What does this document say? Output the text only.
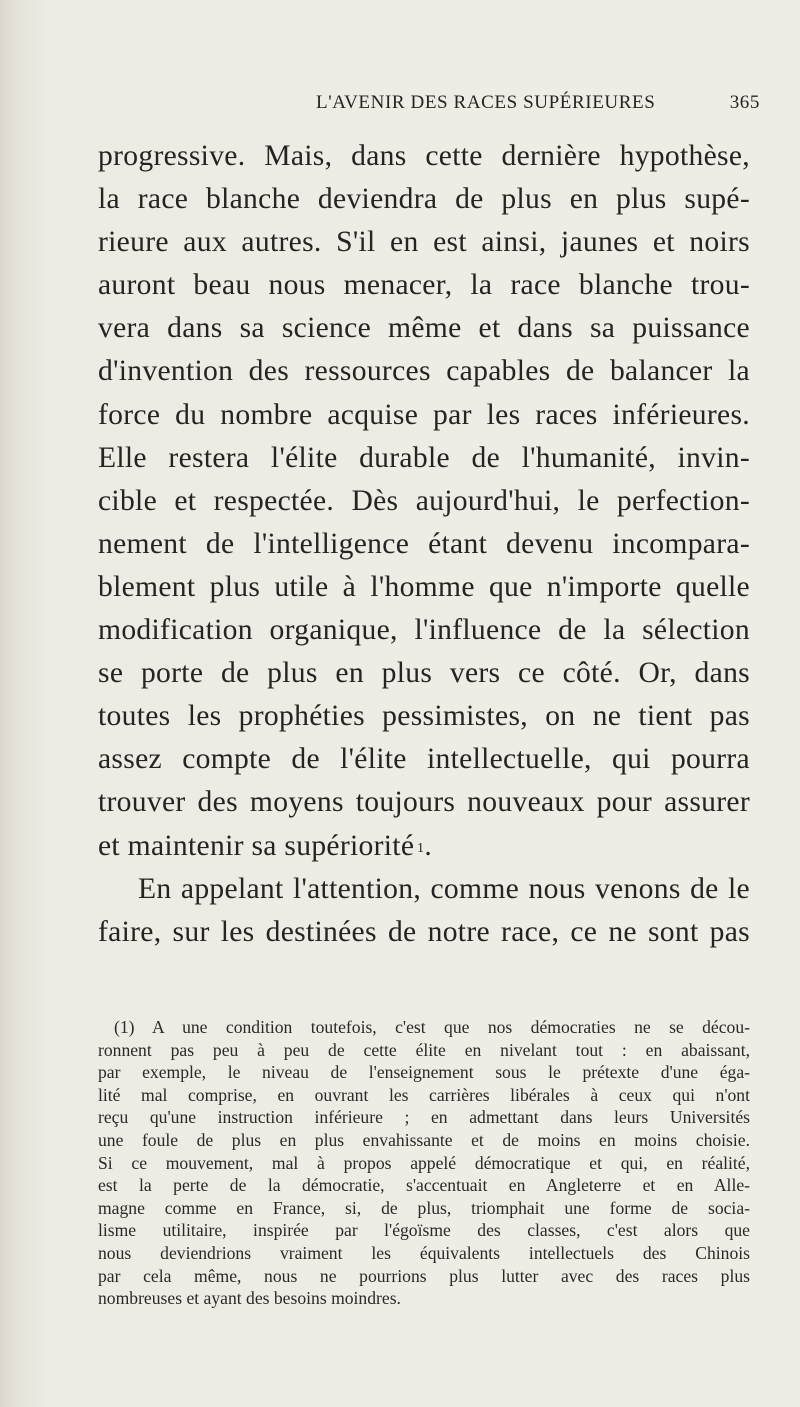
L'AVENIR DES RACES SUPÉRIEURES	365
progressive. Mais, dans cette dernière hypothèse,
la race blanche deviendra de plus en plus supé-
rieure aux autres. S'il en est ainsi, jaunes et noirs
auront beau nous menacer, la race blanche trou-
vera dans sa science même et dans sa puissance
d'invention des ressources capables de balancer la
force du nombre acquise par les races inférieures.
Elle restera l'élite durable de l'humanité, invin-
cible et respectée. Dès aujourd'hui, le perfection-
nement de l'intelligence étant devenu incompara-
blement plus utile à l'homme que n'importe quelle
modification organique, l'influence de la sélection
se porte de plus en plus vers ce côté. Or, dans
toutes les prophéties pessimistes, on ne tient pas
assez compte de l'élite intellectuelle, qui pourra
trouver des moyens toujours nouveaux pour assurer
et maintenir sa supériorité  $^1$.
En appelant l'attention, comme nous venons de le
faire, sur les destinées de notre race, ce ne sont pas
(1) A une condition toutefois, c'est que nos démocraties ne se décou-
ronnent pas peu à peu de cette élite en nivelant tout : en abaissant,
par exemple, le niveau de l'enseignement sous le prétexte d'une éga-
lité mal comprise, en ouvrant les carrières libérales à ceux qui n'ont
reçu qu'une instruction inférieure ; en admettant dans leurs Universités
une foule de plus en plus envahissante et de moins en moins choisie.
Si ce mouvement, mal à propos appelé démocratique et qui, en réalité,
est la perte de la démocratie, s'accentuait en Angleterre et en Alle-
magne comme en France, si, de plus, triomphait une forme de socia-
lisme utilitaire, inspirée par l'égoïsme des classes, c'est alors que
nous deviendrions vraiment les équivalents intellectuels des Chinois
par cela même, nous ne pourrions plus lutter avec des races plus
nombreuses et ayant des besoins moindres.
